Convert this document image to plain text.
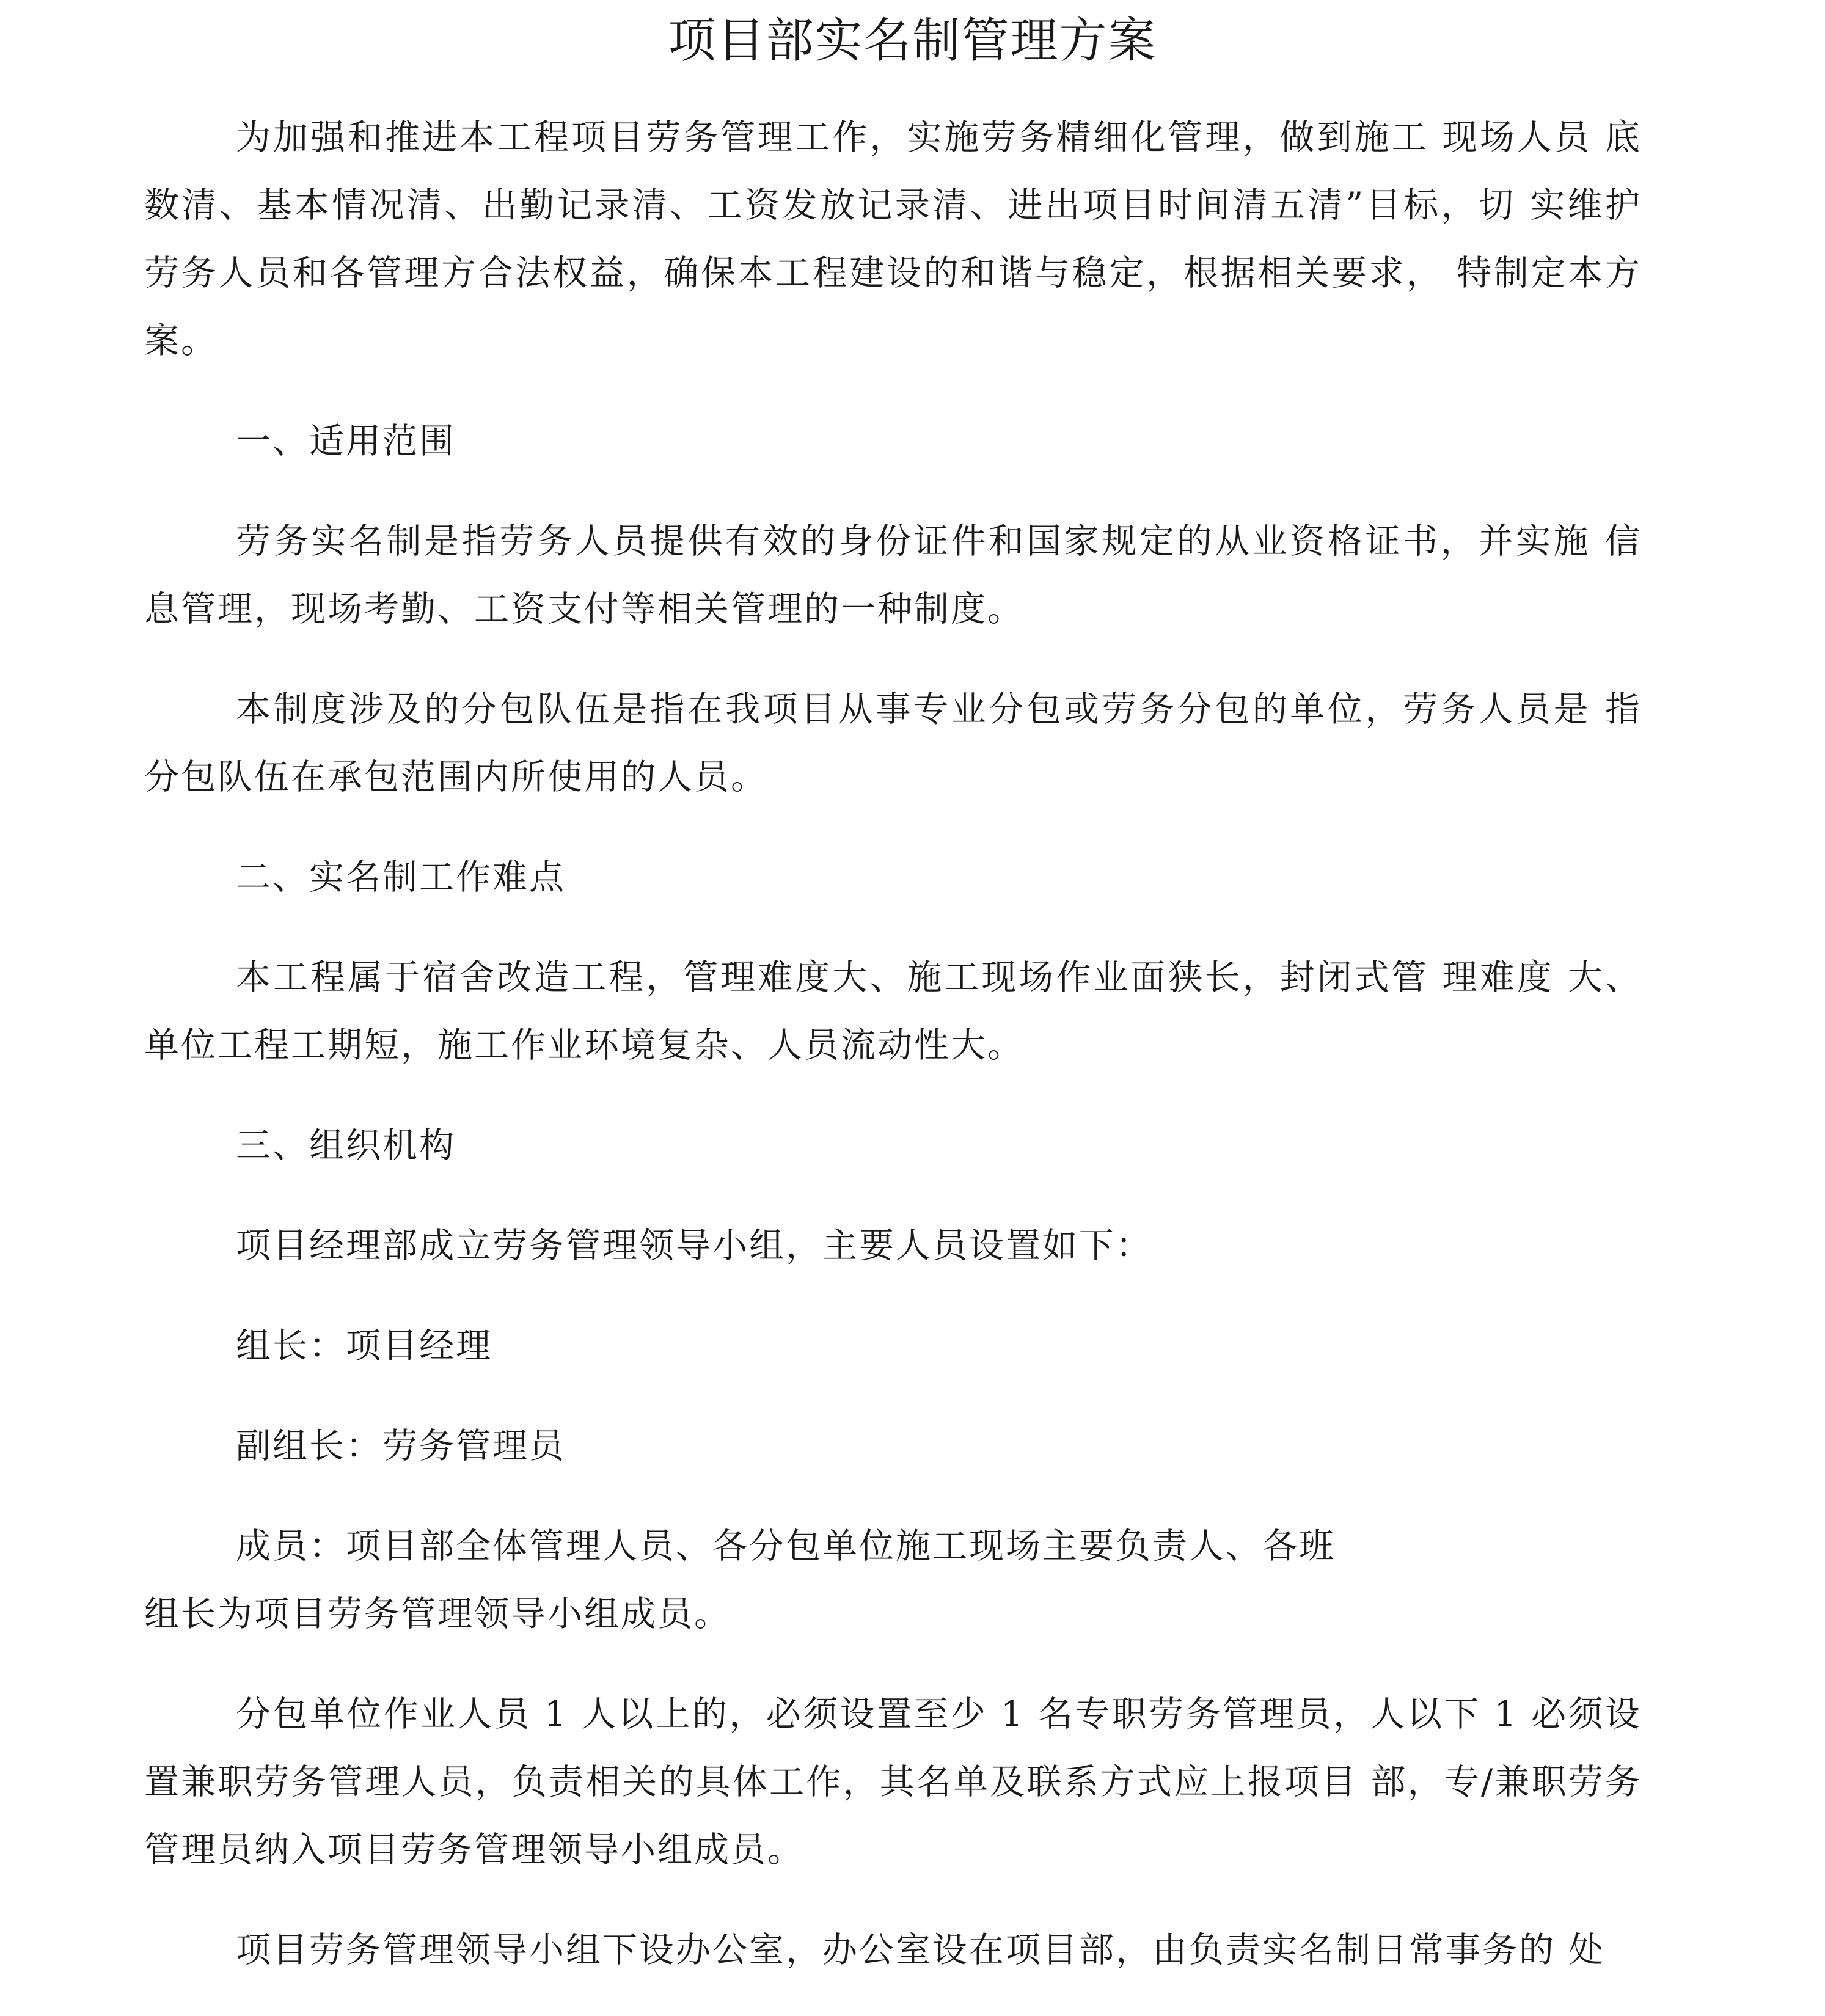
项目部实名制管理方案

为加强和推进本工程项目劳务管理工作，实施劳务精细化管理，做到施工 现场人员 底数清、基本情况清、出勤记录清、工资发放记录清、进出项目时间清五清”目标，切 实维护劳务人员和各管理方合法权益，确保本工程建设的和谐与稳定，根据相关要求， 特制定本方案。

一、适用范围

劳务实名制是指劳务人员提供有效的身份证件和国家规定的从业资格证书，并实施 信息管理，现场考勤、工资支付等相关管理的一种制度。

本制度涉及的分包队伍是指在我项目从事专业分包或劳务分包的单位，劳务人员是 指分包队伍在承包范围内所使用的人员。

二、实名制工作难点

本工程属于宿舍改造工程，管理难度大、施工现场作业面狭长，封闭式管 理难度 大、单位工程工期短，施工作业环境复杂、人员流动性大。

三、组织机构

项目经理部成立劳务管理领导小组，主要人员设置如下：

组长：项目经理

副组长：劳务管理员

成员：项目部全体管理人员、各分包单位施工现场主要负责人、各班

组长为项目劳务管理领导小组成员。

分包单位作业人员 1 人以上的，必须设置至少 1 名专职劳务管理员，人以下 1 必须设置兼职劳务管理人员，负责相关的具体工作，其名单及联系方式应上报项目 部，专/兼职劳务管理员纳入项目劳务管理领导小组成员。

项目劳务管理领导小组下设办公室，办公室设在项目部，由负责实名制日常事务的 处
